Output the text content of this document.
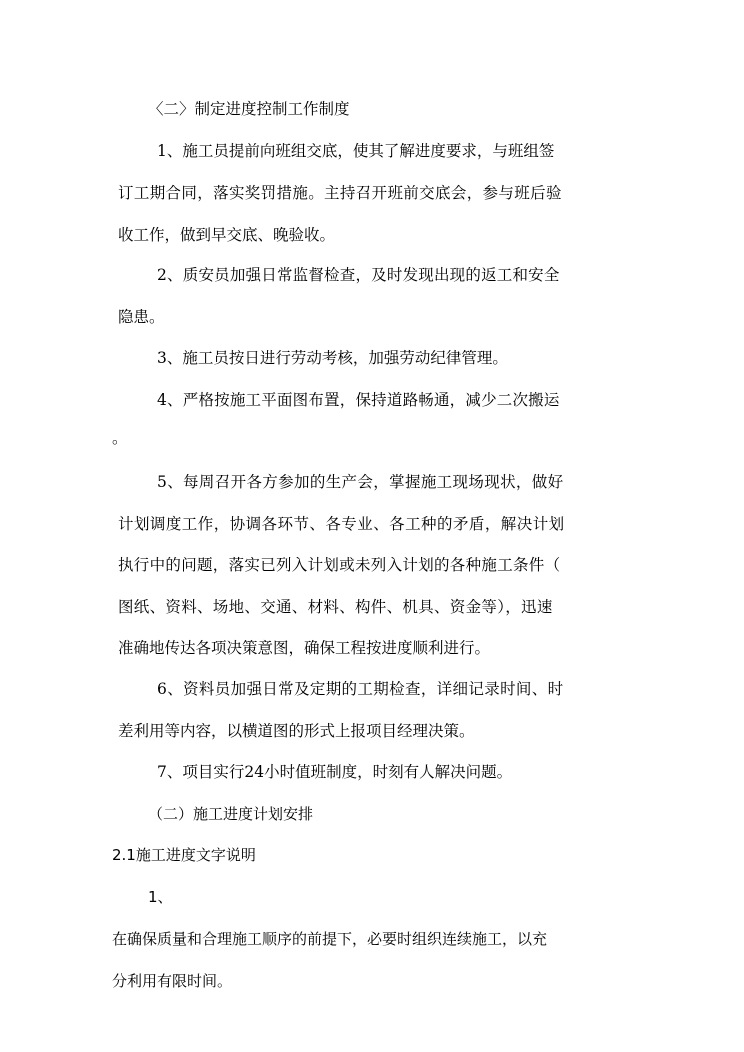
〈二〉制定进度控制工作制度
1、施工员提前向班组交底，使其了解进度要求，与班组签
订工期合同，落实奖罚措施。主持召开班前交底会，参与班后验
收工作，做到早交底、晚验收。
2、质安员加强日常监督检查，及时发现出现的返工和安全
隐患。
3、施工员按日进行劳动考核，加强劳动纪律管理。
4、严格按施工平面图布置，保持道路畅通，减少二次搬运
。
5、每周召开各方参加的生产会，掌握施工现场现状，做好
计划调度工作，协调各环节、各专业、各工种的矛盾，解决计划
执行中的问题，落实已列入计划或未列入计划的各种施工条件（
图纸、资料、场地、交通、材料、构件、机具、资金等），迅速
准确地传达各项决策意图，确保工程按进度顺利进行。
6、资料员加强日常及定期的工期检查，详细记录时间、时
差利用等内容，以横道图的形式上报项目经理决策。
7、项目实行24小时值班制度，时刻有人解决问题。
（二）施工进度计划安排
2.1施工进度文字说明
1、
在确保质量和合理施工顺序的前提下，必要时组织连续施工，以充
分利用有限时间。
